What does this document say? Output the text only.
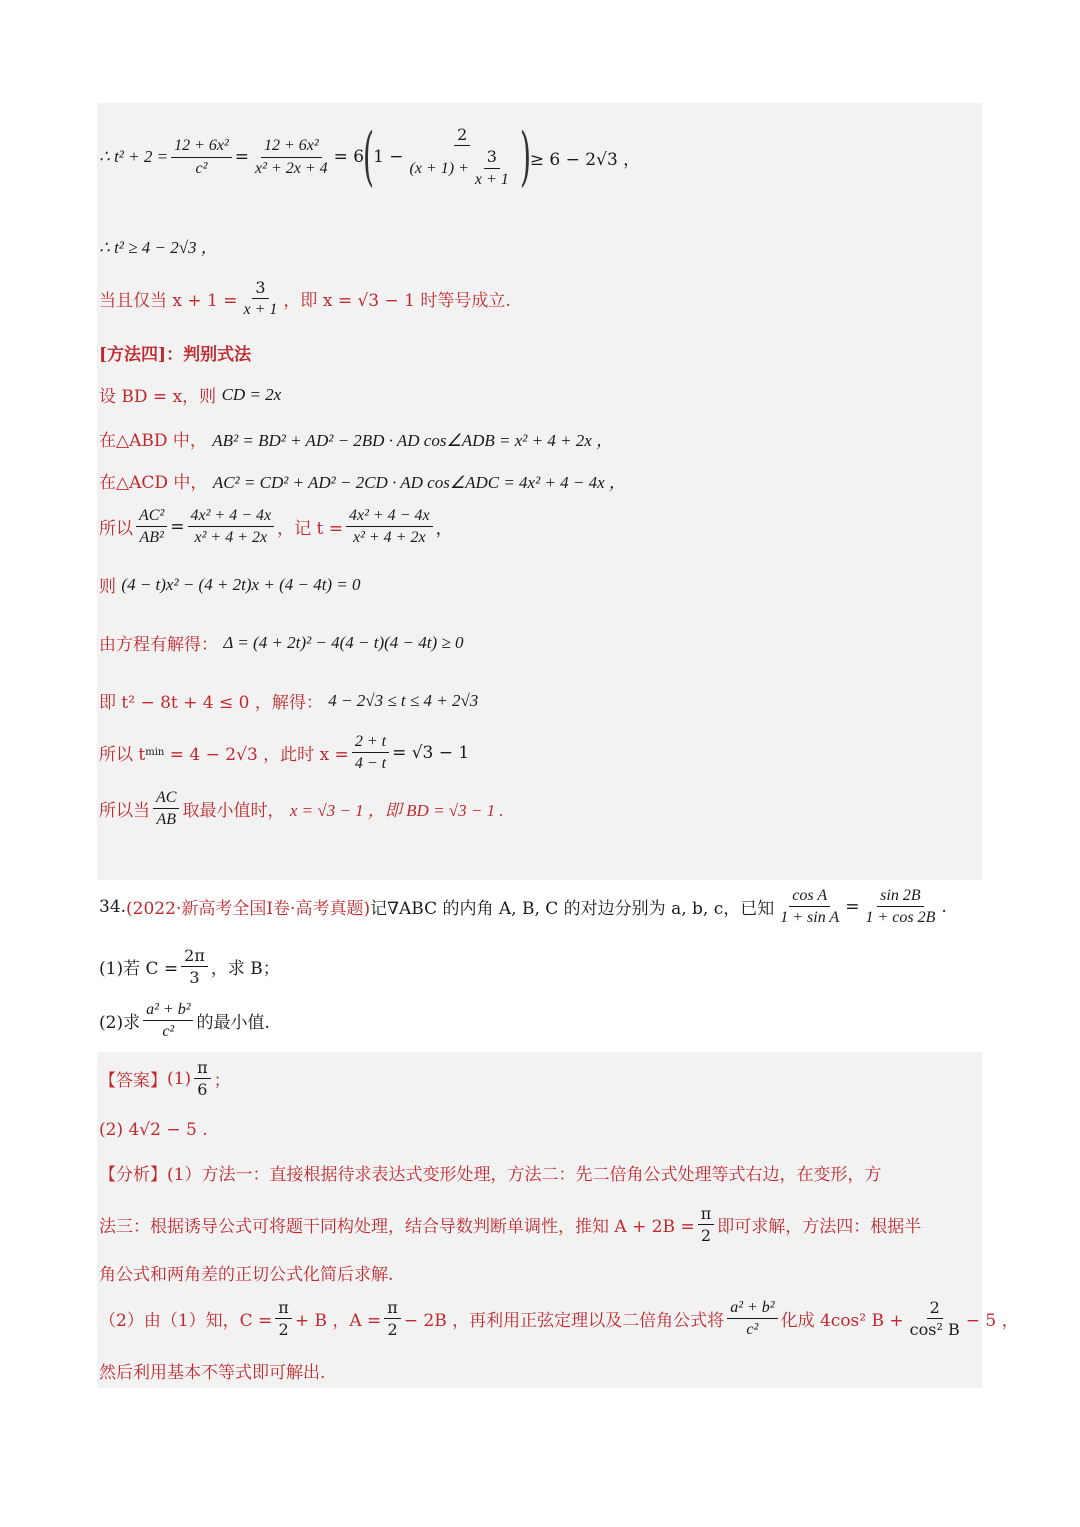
∴ $t^2 + 2 = \frac{\text{12 + 6x²}}{\text{c²}} = \frac{\text{12 + 6x²}}{\text{x² + 2x + 4}} = 6$
(
$1 - \frac{2}{(x + 1) + \frac{3}{x + 1}}$ )
≥ 6 − 2√3 ，
∴ t² ≥ 4 − 2√3 ，
当且仅当 $x + 1 = \frac{3}{x + 1}$ ，即 x = √3 − 1 时等号成立.
[方法四]：判别式法
设 BD = x，则
CD = 2x
在△ABD 中，
AB² = BD² + AD² − 2BD · AD cos∠ADB = x² + 4 + 2x ，
在△ACD 中，
AC² = CD² + AD² − 2CD · AD cos∠ADC = 4x² + 4 − 4x ，
所以 $\frac{\text{AC²}}{\text{AB²}} = \frac{\text{4x² + 4 − 4x}}{\text{x² + 4 + 2x}}$ ，记 $t = \frac{\text{4x² + 4 − 4x}}{\text{x² + 4 + 2x}}$ ，
则
(4 − t)x² − (4 + 2t)x + (4 − 4t) = 0
由方程有解得：
Δ = (4 + 2t)² − 4(4 − t)(4 − 4t) ≥ 0
即 t² − 8t + 4 ≤ 0 ，解得：
4 − 2√3 ≤ t ≤ 4 + 2√3
所以 t min
= 4 − 2√3 ，此时 $x = \frac{2 + t}{4 - t} = √3 - 1$
所以当 $\frac{AC}{AB}$ 取最小值时，
x = √3 − 1 ，即 BD = √3 − 1 .
34. (2022·新高考全国Ⅰ卷·高考真题) 记∇ABC 的内角 A, B, C 的对边分别为 a, b, c，已知 $\frac{\text{cos A}}{\text{1 + sin A}} = \frac{\sin 2B}{1 + \cos 2B}$ .
(1)若 $C = \frac{2\pi}{3}$ ，求 B；
(2)求 $\frac{\text{a² + b²}}{\text{c²}}$ 的最小值.
【答案】 $(1) \frac{\pi}{6}$ ；
(2) 4√2 − 5 .
【分析】 (1）方法一：直接根据待求表达式变形处理，方法二：先二倍角公式处理等式右边，在变形，方
法三：根据诱导公式可将题干同构处理，结合导数判断单调性，推知 $A + 2B = \frac{\pi}{2}$ 即可求解，方法四：根据半
角公式和两角差的正切公式化简后求解.
（2）由（1）知，$C = \frac{\pi}{2} + B$ ，$A = \frac{\pi}{2} - 2B$ ，再利用正弦定理以及二倍角公式将 $\frac{\text{a² + b²}}{\text{c²}}$ 化成 4cos² $B + \frac{2}{\text{cos² B}} - 5$ ，
然后利用基本不等式即可解出.
